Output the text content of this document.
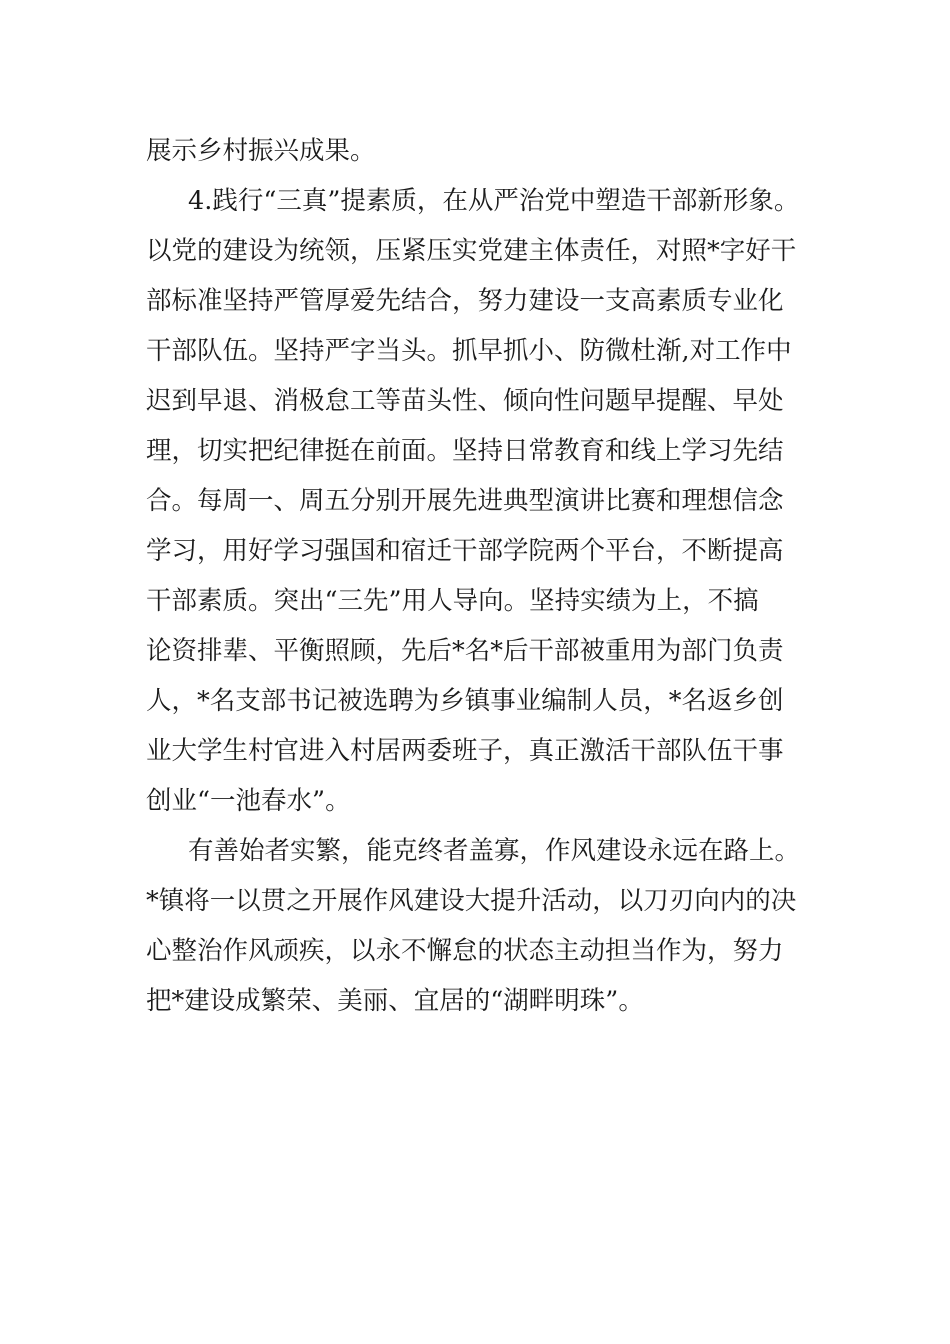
展示乡村振兴成果。
4.践行“三真”提素质，在从严治党中塑造干部新形象。
以党的建设为统领，压紧压实党建主体责任，对照*字好干
部标准坚持严管厚爱先结合，努力建设一支高素质专业化
干部队伍。坚持严字当头。抓早抓小、防微杜渐,对工作中
迟到早退、消极怠工等苗头性、倾向性问题早提醒、早处
理，切实把纪律挺在前面。坚持日常教育和线上学习先结
合。每周一、周五分别开展先进典型演讲比赛和理想信念
学习，用好学习强国和宿迁干部学院两个平台，不断提高
干部素质。突出“三先”用人导向。坚持实绩为上，不搞
论资排辈、平衡照顾，先后*名*后干部被重用为部门负责
人，*名支部书记被选聘为乡镇事业编制人员，*名返乡创
业大学生村官进入村居两委班子，真正激活干部队伍干事
创业“一池春水”。
有善始者实繁，能克终者盖寡，作风建设永远在路上。
*镇将一以贯之开展作风建设大提升活动，以刀刃向内的决
心整治作风顽疾，以永不懈怠的状态主动担当作为，努力
把*建设成繁荣、美丽、宜居的“湖畔明珠”。
